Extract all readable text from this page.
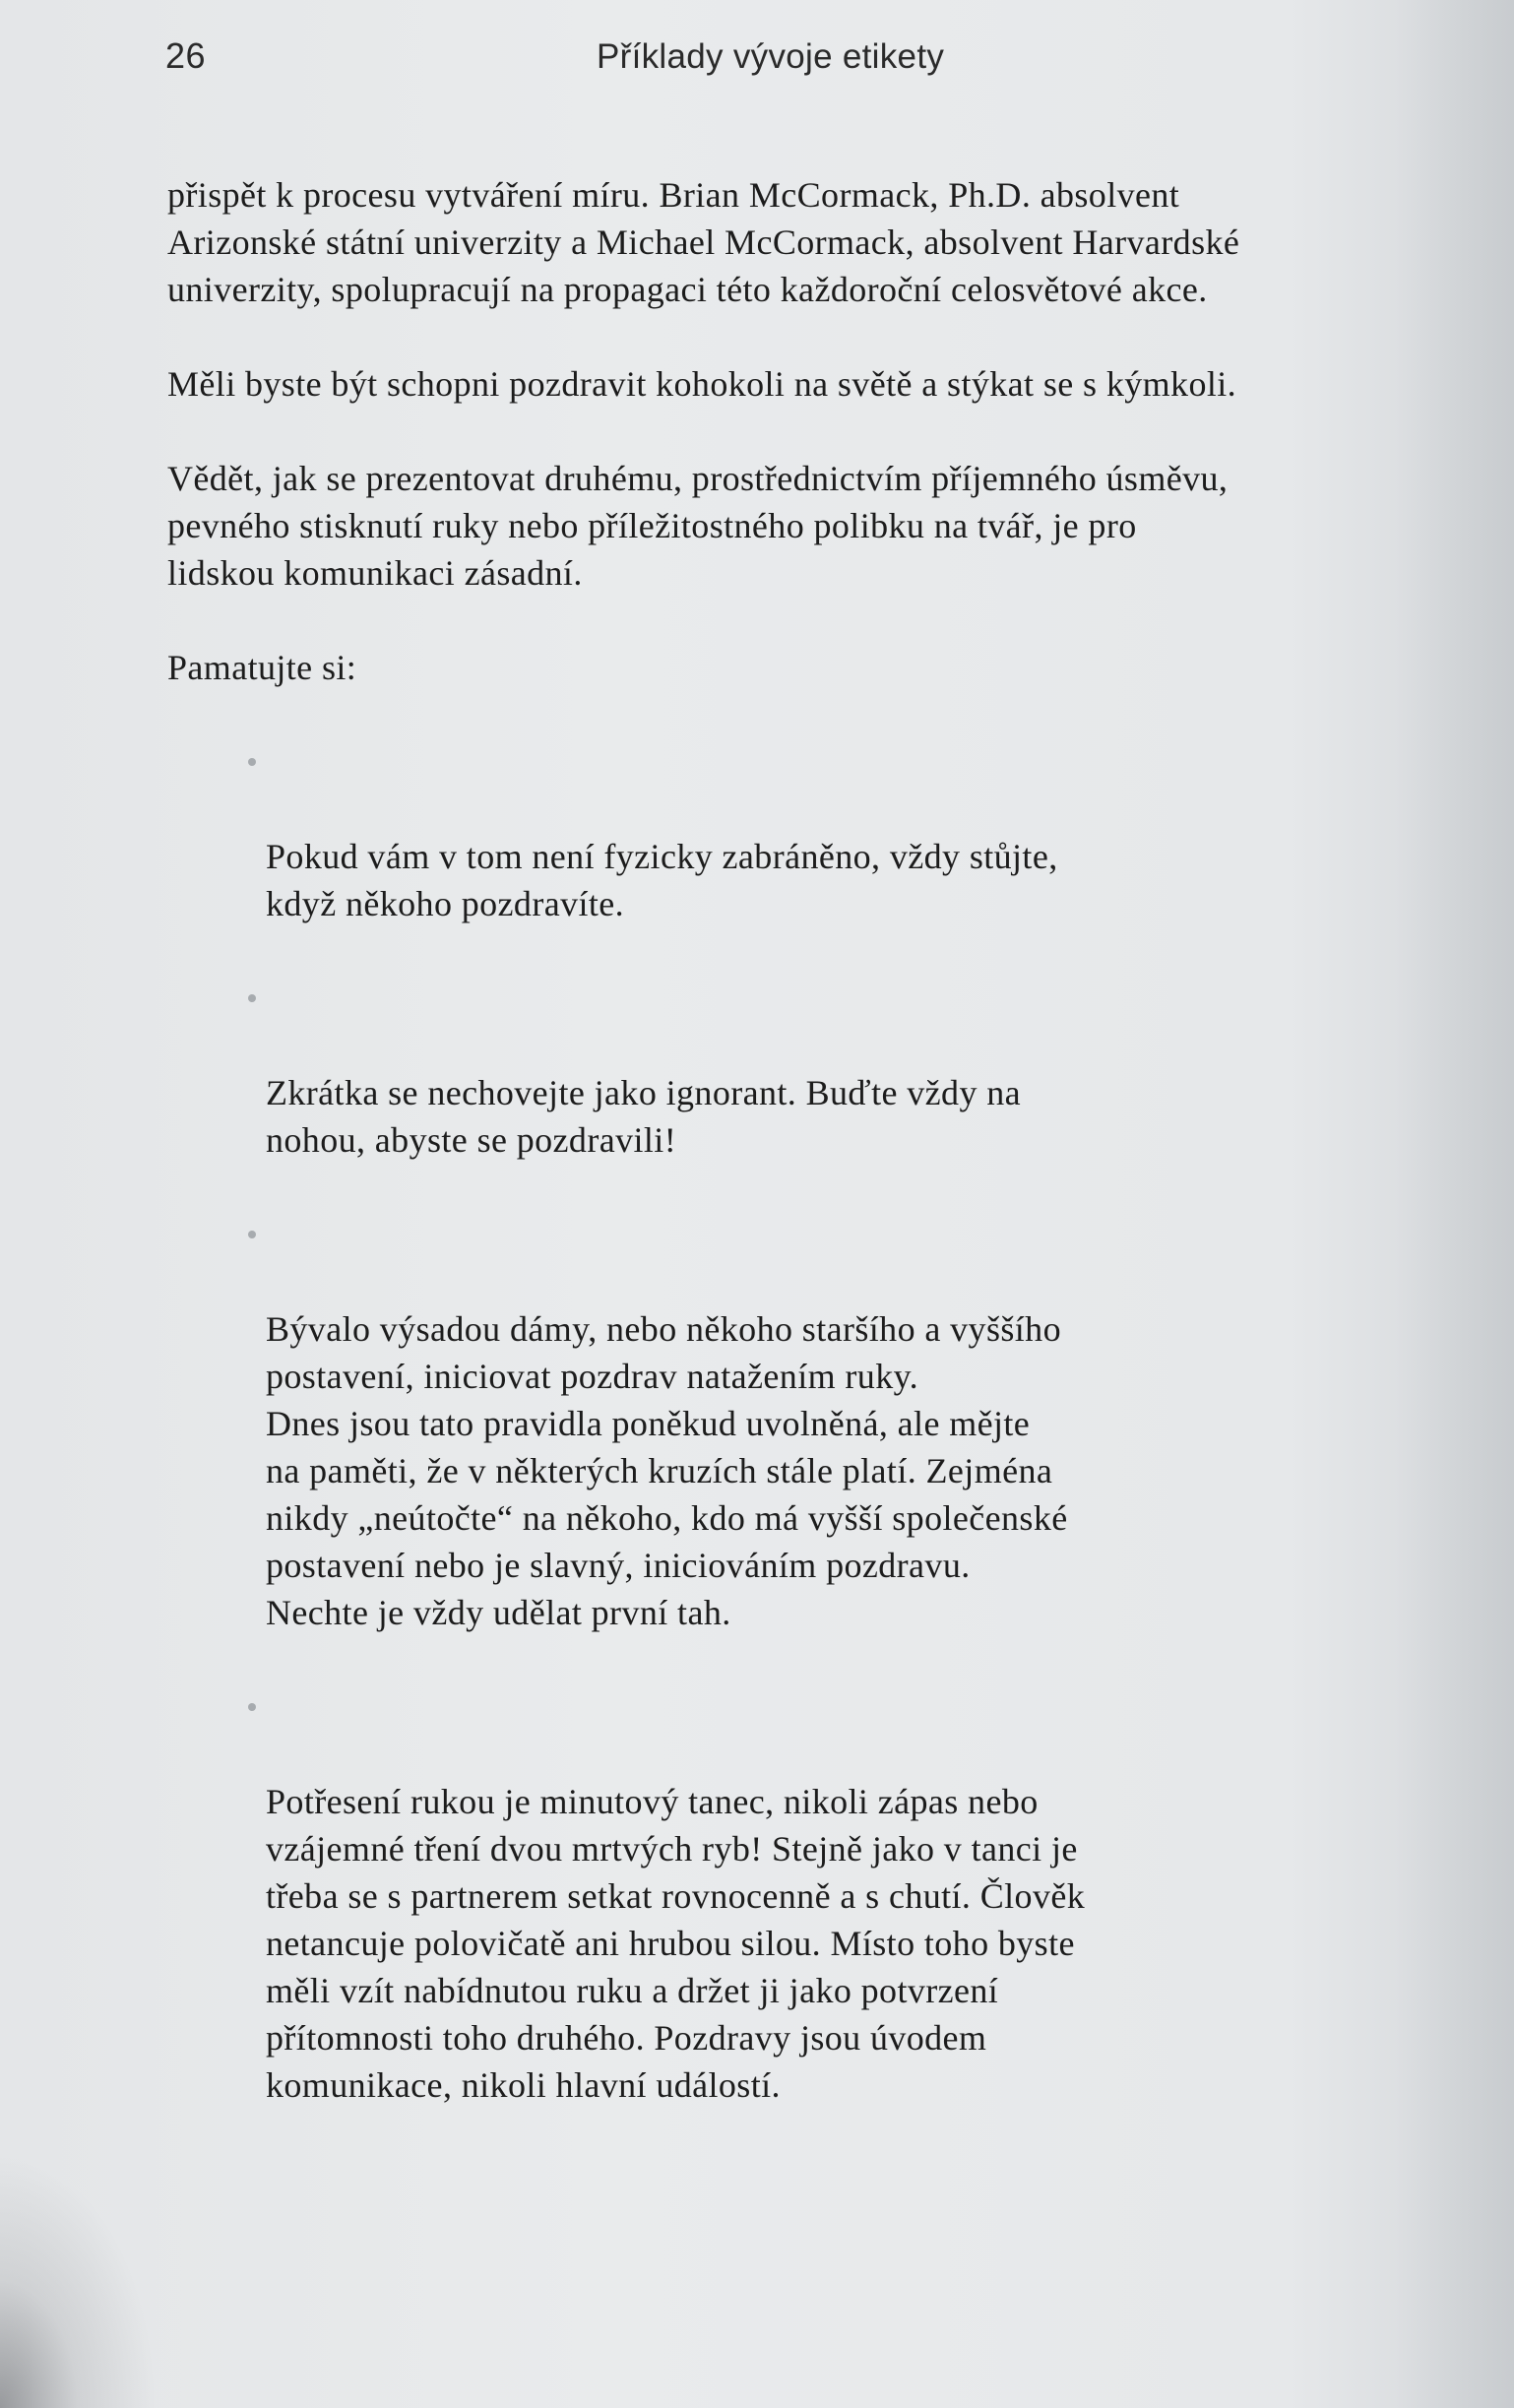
26	Příklady vývoje etikety

přispět k procesu vytváření míru. Brian McCormack, Ph.D. absolvent
Arizonské státní univerzity a Michael McCormack, absolvent Harvardské
univerzity, spolupracují na propagaci této každoroční celosvětové akce.

Měli byste být schopni pozdravit kohokoli na světě a stýkat se s kýmkoli.

Vědět, jak se prezentovat druhému, prostřednictvím příjemného úsměvu,
pevného stisknutí ruky nebo příležitostného polibku na tvář, je pro
lidskou komunikaci zásadní.

Pamatujte si:

Pokud vám v tom není fyzicky zabráněno, vždy stůjte,
když někoho pozdravíte.

Zkrátka se nechovejte jako ignorant. Buďte vždy na
nohou, abyste se pozdravili!

Bývalo výsadou dámy, nebo někoho staršího a vyššího
postavení, iniciovat pozdrav natažením ruky.
Dnes jsou tato pravidla poněkud uvolněná, ale mějte
na paměti, že v některých kruzích stále platí. Zejména
nikdy „neútočte“ na někoho, kdo má vyšší společenské
postavení nebo je slavný, iniciováním pozdravu.
Nechte je vždy udělat první tah.

Potřesení rukou je minutový tanec, nikoli zápas nebo
vzájemné tření dvou mrtvých ryb! Stejně jako v tanci je
třeba se s partnerem setkat rovnocenně a s chutí. Člověk
netancuje polovičatě ani hrubou silou. Místo toho byste
měli vzít nabídnutou ruku a držet ji jako potvrzení
přítomnosti toho druhého. Pozdravy jsou úvodem
komunikace, nikoli hlavní událostí.
